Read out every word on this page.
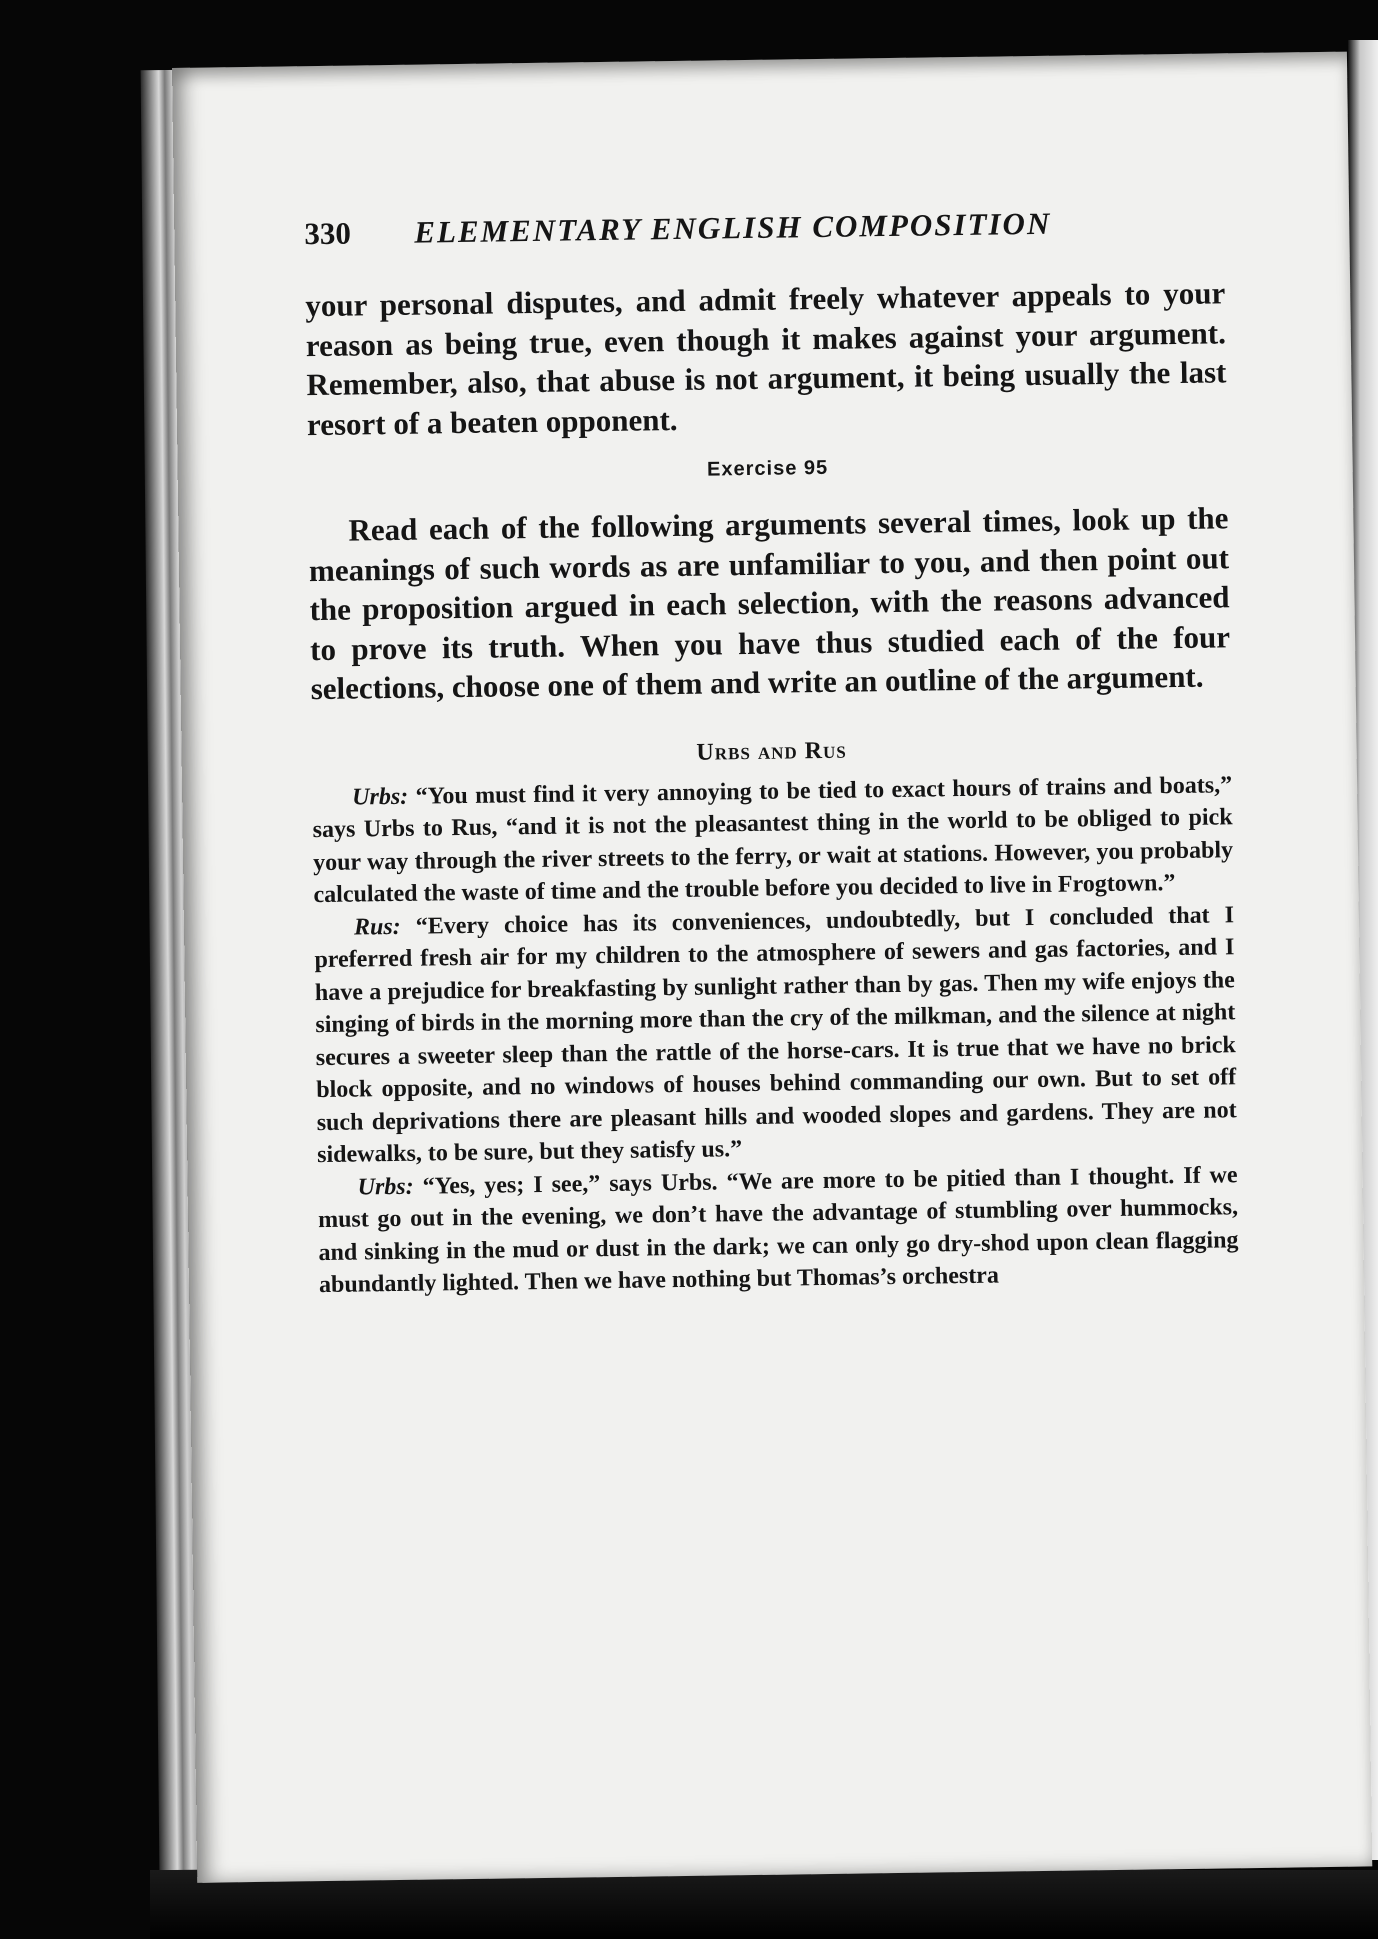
330	ELEMENTARY ENGLISH COMPOSITION

your personal disputes, and admit freely whatever appeals to your reason as being true, even though it makes against your argument. Remember, also, that abuse is not argument, it being usually the last resort of a beaten opponent.

Exercise 95

Read each of the following arguments several times, look up the meanings of such words as are unfamiliar to you, and then point out the proposition argued in each selection, with the reasons advanced to prove its truth. When you have thus studied each of the four selections, choose one of them and write an outline of the argument.

Urbs and Rus

Urbs: “You must find it very annoying to be tied to exact hours of trains and boats,” says Urbs to Rus, “and it is not the pleasantest thing in the world to be obliged to pick your way through the river streets to the ferry, or wait at stations. However, you probably calculated the waste of time and the trouble before you decided to live in Frogtown.”

Rus: “Every choice has its conveniences, undoubtedly, but I concluded that I preferred fresh air for my children to the atmosphere of sewers and gas factories, and I have a prejudice for breakfasting by sunlight rather than by gas. Then my wife enjoys the singing of birds in the morning more than the cry of the milkman, and the silence at night secures a sweeter sleep than the rattle of the horse-cars. It is true that we have no brick block opposite, and no windows of houses behind commanding our own. But to set off such deprivations there are pleasant hills and wooded slopes and gardens. They are not sidewalks, to be sure, but they satisfy us.”

Urbs: “Yes, yes; I see,” says Urbs. “We are more to be pitied than I thought. If we must go out in the evening, we don’t have the advantage of stumbling over hummocks, and sinking in the mud or dust in the dark; we can only go dry-shod upon clean flagging abundantly lighted. Then we have nothing but Thomas’s orchestra
